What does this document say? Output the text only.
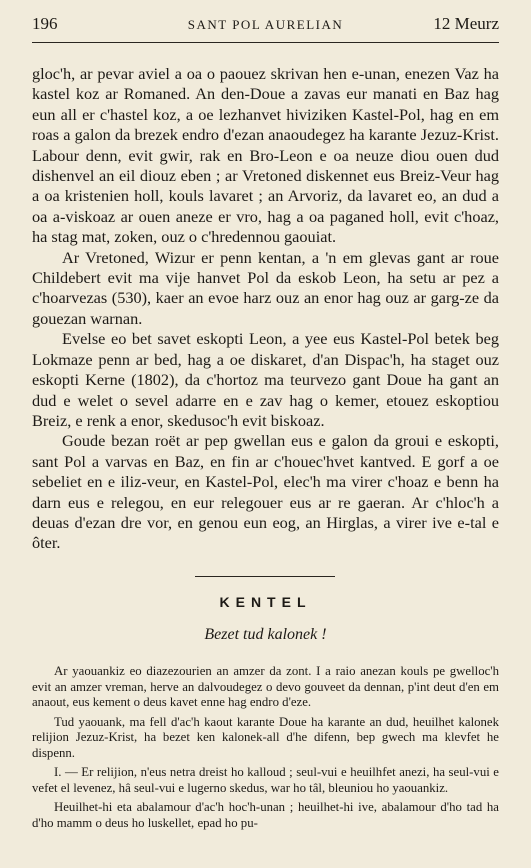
196	SANT POL AURELIAN	12 Meurz

gloc'h, ar pevar aviel a oa o paouez skrivan hen e-unan, enezen Vaz ha kastel koz ar Romaned. An den-Doue a zavas eur manati en Baz hag eun all er c'hastel koz, a oe lezhanvet hiviziken Kastel-Pol, hag en em roas a galon da brezek endro d'ezan anaoudegez ha karante Jezuz-Krist. Labour denn, evit gwir, rak en Bro-Leon e oa neuze diou ouen dud dishenvel an eil diouz eben ; ar Vretoned diskennet eus Breiz-Veur hag a oa kristenien holl, kouls lavaret ; an Arvoriz, da lavaret eo, an dud a oa a-viskoaz ar ouen aneze er vro, hag a oa paganed holl, evit c'hoaz, ha stag mat, zoken, ouz o c'hredennou gaouiat.

Ar Vretoned, Wizur er penn kentan, a 'n em glevas gant ar roue Childebert evit ma vije hanvet Pol da eskob Leon, ha setu ar pez a c'hoarvezas (530), kaer an evoe harz ouz an enor hag ouz ar garg-ze da gouezan warnan.

Evelse eo bet savet eskopti Leon, a yee eus Kastel-Pol betek beg Lokmaze penn ar bed, hag a oe diskaret, d'an Dispac'h, ha staget ouz eskopti Kerne (1802), da c'hortoz ma teurvezo gant Doue ha gant an dud e welet o sevel adarre en e zav hag o kemer, etouez eskoptiou Breiz, e renk a enor, skedusoc'h evit biskoaz.

Goude bezan roët ar pep gwellan eus e galon da groui e eskopti, sant Pol a varvas en Baz, en fin ar c'houec'hvet kantved. E gorf a oe sebeliet en e iliz-veur, en Kastel-Pol, elec'h ma virer c'hoaz e benn ha darn eus e relegou, en eur relegouer eus ar re gaeran. Ar c'hloc'h a deuas d'ezan dre vor, en genou eun eog, an Hirglas, a virer ive e-tal e ôter.

KENTEL
Bezet tud kalonek !

Ar yaouankiz eo diazezourien an amzer da zont. I a raio anezan kouls pe gwelloc'h evit an amzer vreman, herve an dalvoudegez o devo gouveet da dennan, p'int deut d'en em anaout, eus kement o deus kavet enne hag endro d'eze.

Tud yaouank, ma fell d'ac'h kaout karante Doue ha karante an dud, heuilhet kalonek relijion Jezuz-Krist, ha bezet ken kalonek-all d'he difenn, bep gwech ma klevfet he dispenn.

I. — Er relijion, n'eus netra dreist ho kalloud ; seul-vui e heuilhfet anezi, ha seul-vui e vefet el levenez, hâ seul-vui e lugerno skedus, war ho tâl, bleuniou ho yaouankiz.

Heuilhet-hi eta abalamour d'ac'h hoc'h-unan ; heuilhet-hi ive, abalamour d'ho tad ha d'ho mamm o deus ho luskellet, epad ho pu-
